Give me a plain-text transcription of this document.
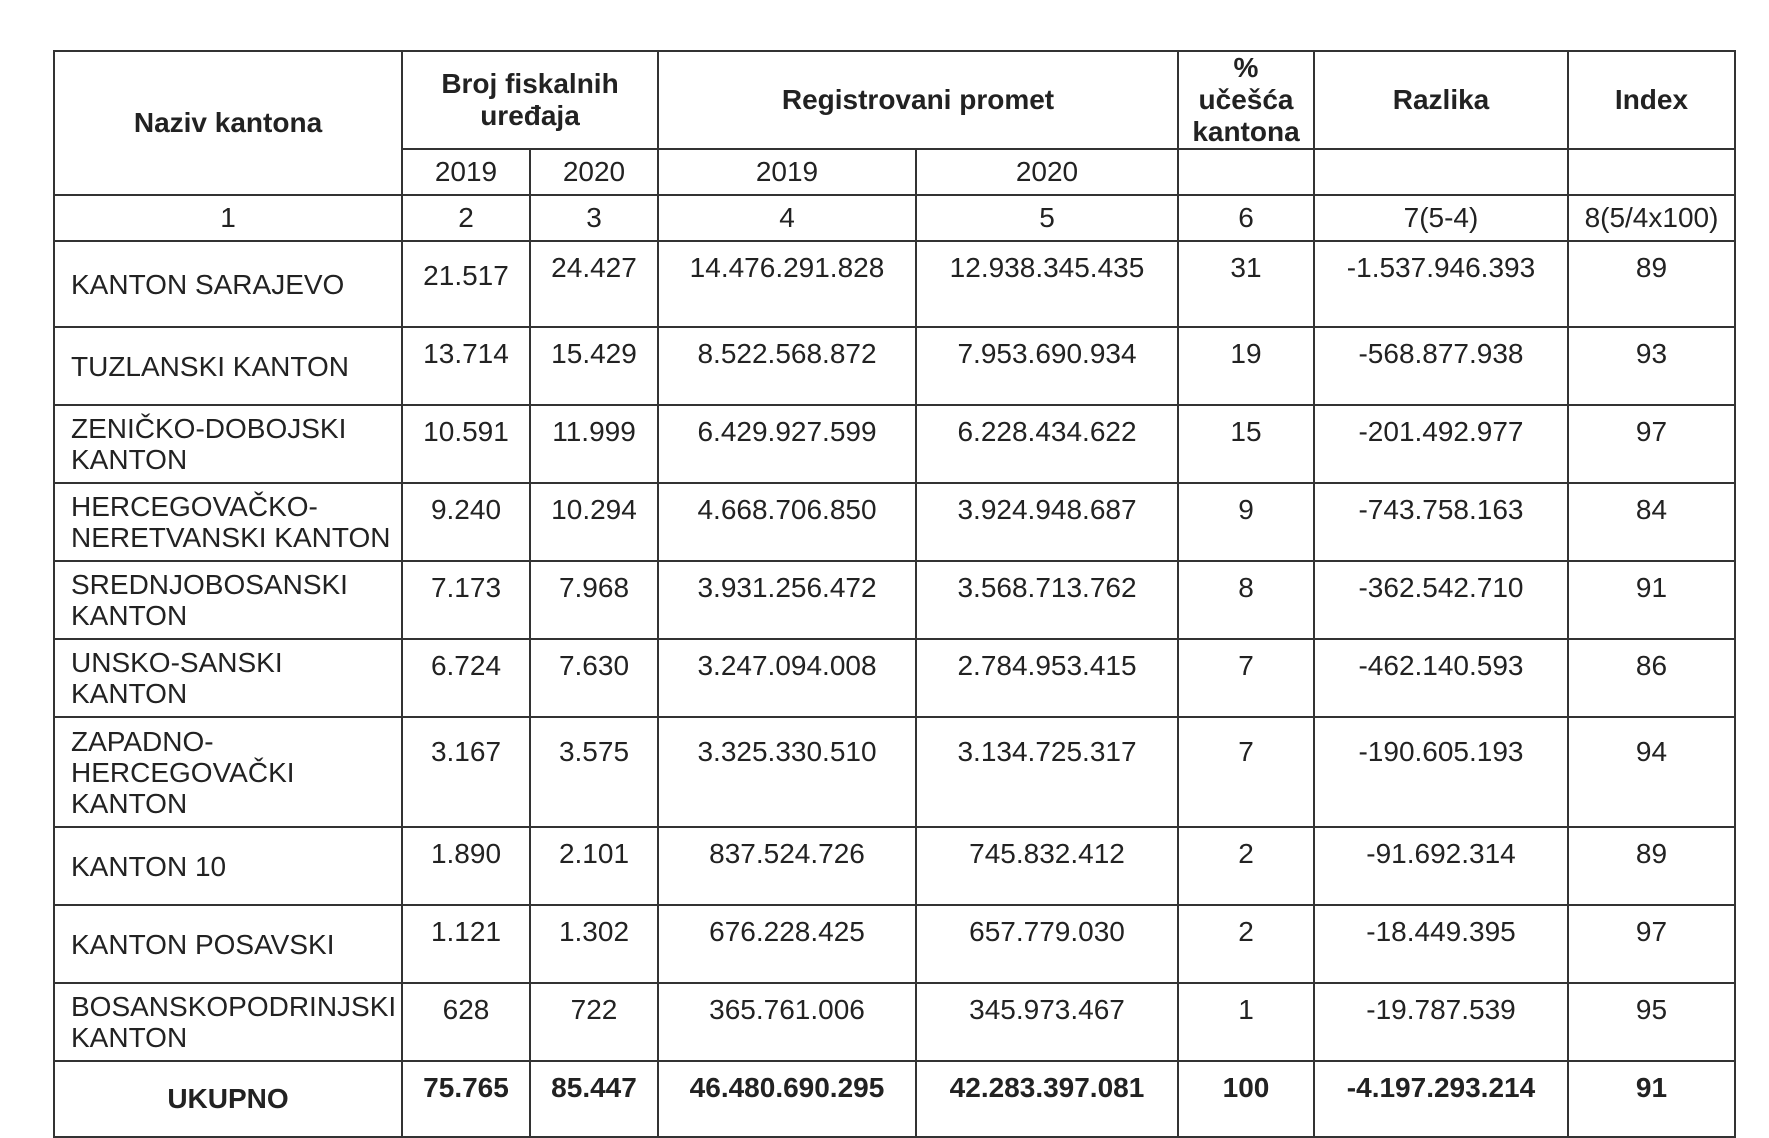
Naziv kantona	Broj fiskalnih uređaja		Registrovani promet		% učešća kantona	Razlika	Index
	2019	2020	2019	2020			
1	2	3	4	5	6	7(5-4)	8(5/4x100)
KANTON SARAJEVO	21.517	24.427	14.476.291.828	12.938.345.435	31	-1.537.946.393	89
TUZLANSKI KANTON	13.714	15.429	8.522.568.872	7.953.690.934	19	-568.877.938	93
ZENIČKO-DOBOJSKI KANTON	10.591	11.999	6.429.927.599	6.228.434.622	15	-201.492.977	97
HERCEGOVAČKO-NERETVANSKI KANTON	9.240	10.294	4.668.706.850	3.924.948.687	9	-743.758.163	84
SREDNJOBOSANSKI KANTON	7.173	7.968	3.931.256.472	3.568.713.762	8	-362.542.710	91
UNSKO-SANSKI KANTON	6.724	7.630	3.247.094.008	2.784.953.415	7	-462.140.593	86
ZAPADNO-HERCEGOVAČKI KANTON	3.167	3.575	3.325.330.510	3.134.725.317	7	-190.605.193	94
KANTON 10	1.890	2.101	837.524.726	745.832.412	2	-91.692.314	89
KANTON POSAVSKI	1.121	1.302	676.228.425	657.779.030	2	-18.449.395	97
BOSANSKOPODRINJSKI KANTON	628	722	365.761.006	345.973.467	1	-19.787.539	95
UKUPNO	75.765	85.447	46.480.690.295	42.283.397.081	100	-4.197.293.214	91
